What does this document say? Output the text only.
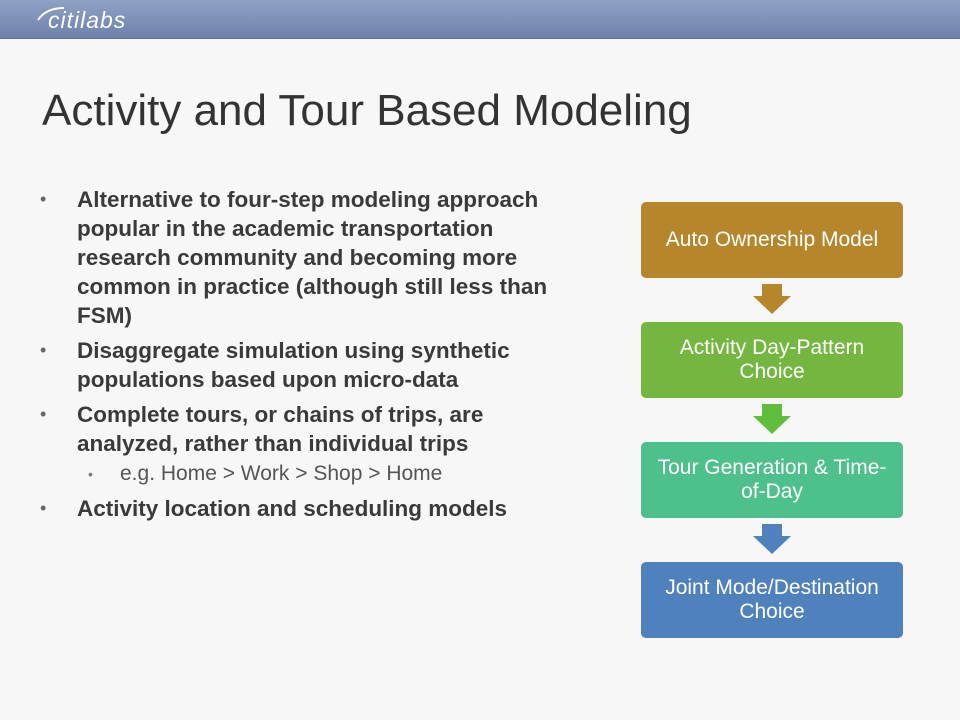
citilabs
Activity and Tour Based Modeling
• Alternative to four-step modeling approach popular in the academic transportation research community and becoming more common in practice (although still less than FSM)
• Disaggregate simulation using synthetic populations based upon micro-data
• Complete tours, or chains of trips, are analyzed, rather than individual trips
• e.g. Home > Work > Shop > Home
• Activity location and scheduling models
Auto Ownership Model
Activity Day-Pattern Choice
Tour Generation & Time-of-Day
Joint Mode/Destination Choice
